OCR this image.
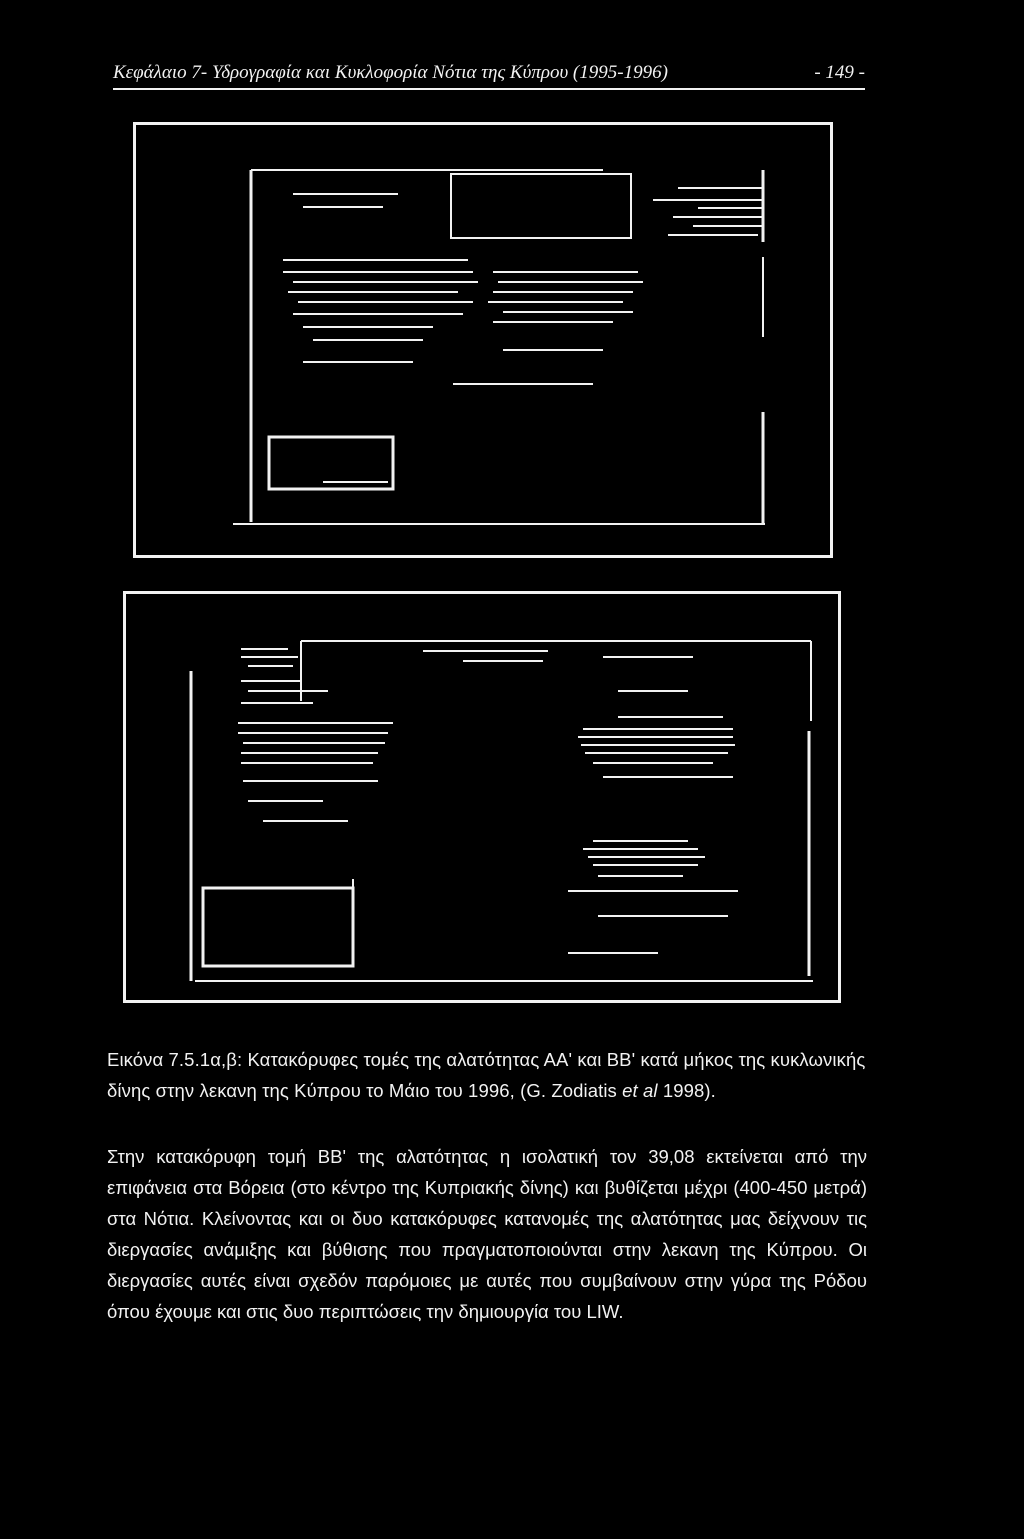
Κεφάλαιο 7- Υδρογραφία και Κυκλοφορία Νότια της Κύπρου (1995-1996)	- 149 -
Εικόνα 7.5.1α,β: Κατακόρυφες τομές της αλατότητας ΑΑ' και ΒΒ' κατά μήκος της κυκλωνικής δίνης στην λεκανη της Κύπρου το Μάιο του 1996, (G. Zodiatis et al 1998).
Στην κατακόρυφη τομή ΒΒ' της αλατότητας η ισολατική τον 39,08 εκτείνεται από την επιφάνεια στα Βόρεια (στο κέντρο της Κυπριακής δίνης) και βυθίζεται μέχρι (400-450 μετρά) στα Νότια. Κλείνοντας και οι δυο κατακόρυφες κατανομές της αλατότητας μας δείχνουν τις διεργασίες ανάμιξης και βύθισης που πραγματοποιούνται στην λεκανη της Κύπρου. Οι διεργασίες αυτές είναι σχεδόν παρόμοιες με αυτές που συμβαίνουν στην γύρα της Ρόδου όπου έχουμε και στις δυο περιπτώσεις την δημιουργία του LIW.
